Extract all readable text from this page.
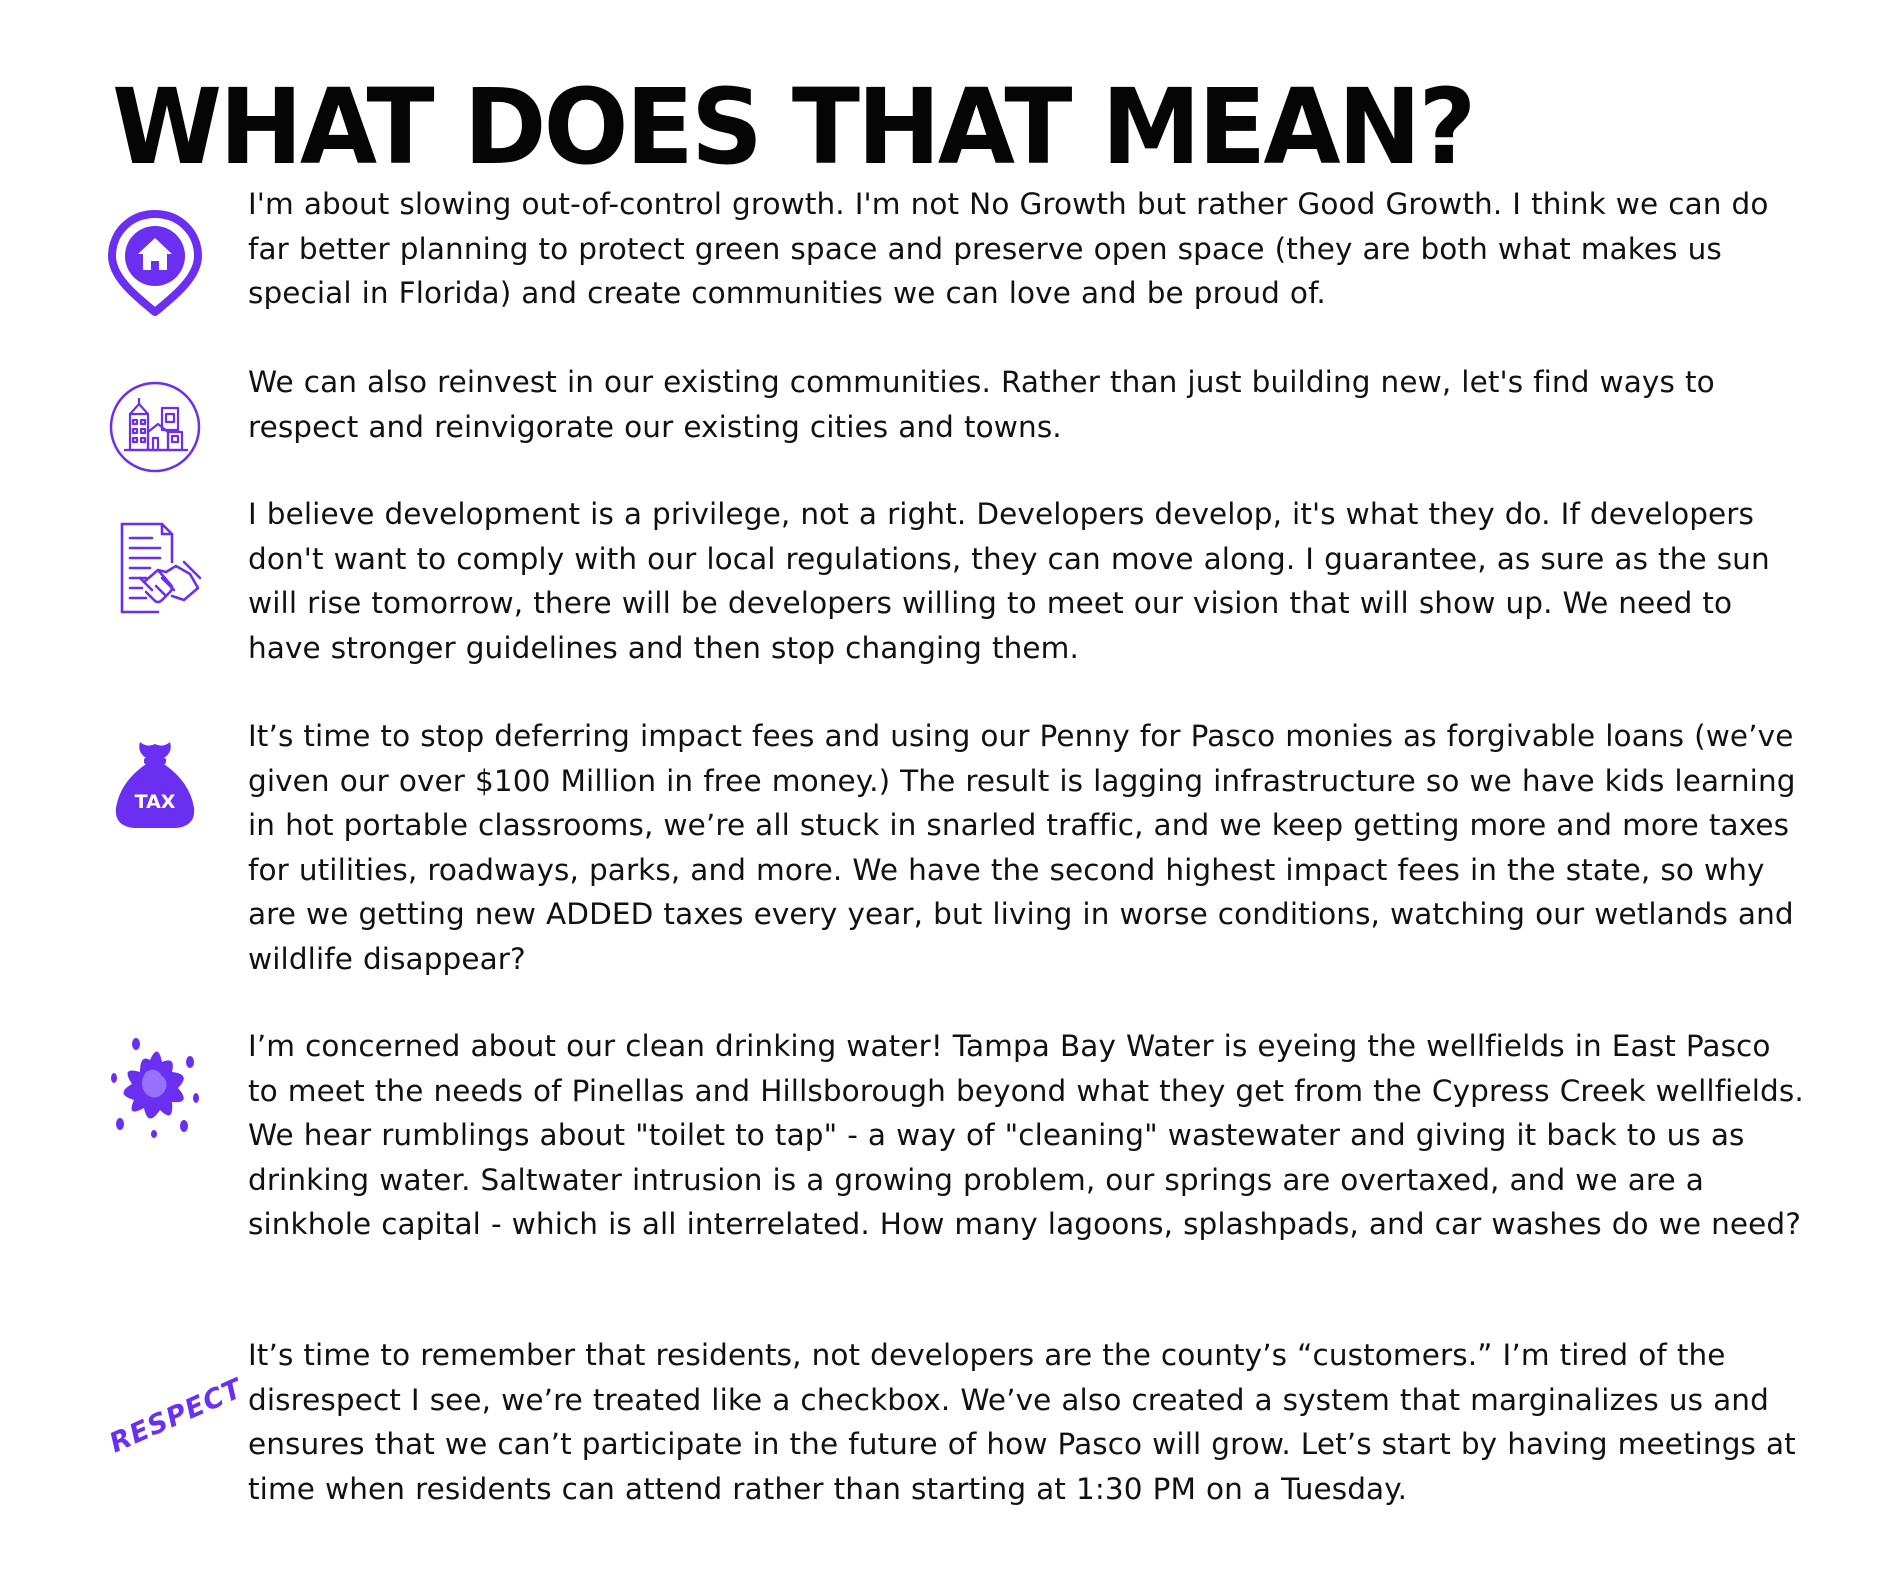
WHAT DOES THAT MEAN?

I'm about slowing out-of-control growth. I'm not No Growth but rather Good Growth. I think we can do far better planning to protect green space and preserve open space (they are both what makes us special in Florida) and create communities we can love and be proud of.

We can also reinvest in our existing communities. Rather than just building new, let's find ways to respect and reinvigorate our existing cities and towns.

I believe development is a privilege, not a right. Developers develop, it's what they do. If developers don't want to comply with our local regulations, they can move along. I guarantee, as sure as the sun will rise tomorrow, there will be developers willing to meet our vision that will show up. We need to have stronger guidelines and then stop changing them.

TAX

It’s time to stop deferring impact fees and using our Penny for Pasco monies as forgivable loans (we’ve given our over $100 Million in free money.) The result is lagging infrastructure so we have kids learning in hot portable classrooms, we’re all stuck in snarled traffic, and we keep getting more and more taxes for utilities, roadways, parks, and more. We have the second highest impact fees in the state, so why are we getting new ADDED taxes every year, but living in worse conditions, watching our wetlands and wildlife disappear?

I’m concerned about our clean drinking water! Tampa Bay Water is eyeing the wellfields in East Pasco to meet the needs of Pinellas and Hillsborough beyond what they get from the Cypress Creek wellfields. We hear rumblings about "toilet to tap" - a way of "cleaning" wastewater and giving it back to us as drinking water. Saltwater intrusion is a growing problem, our springs are overtaxed, and we are a sinkhole capital - which is all interrelated. How many lagoons, splashpads, and car washes do we need?

RESPECT

It’s time to remember that residents, not developers are the county’s “customers.” I’m tired of the disrespect I see, we’re treated like a checkbox. We’ve also created a system that marginalizes us and ensures that we can’t participate in the future of how Pasco will grow. Let’s start by having meetings at time when residents can attend rather than starting at 1:30 PM on a Tuesday.
